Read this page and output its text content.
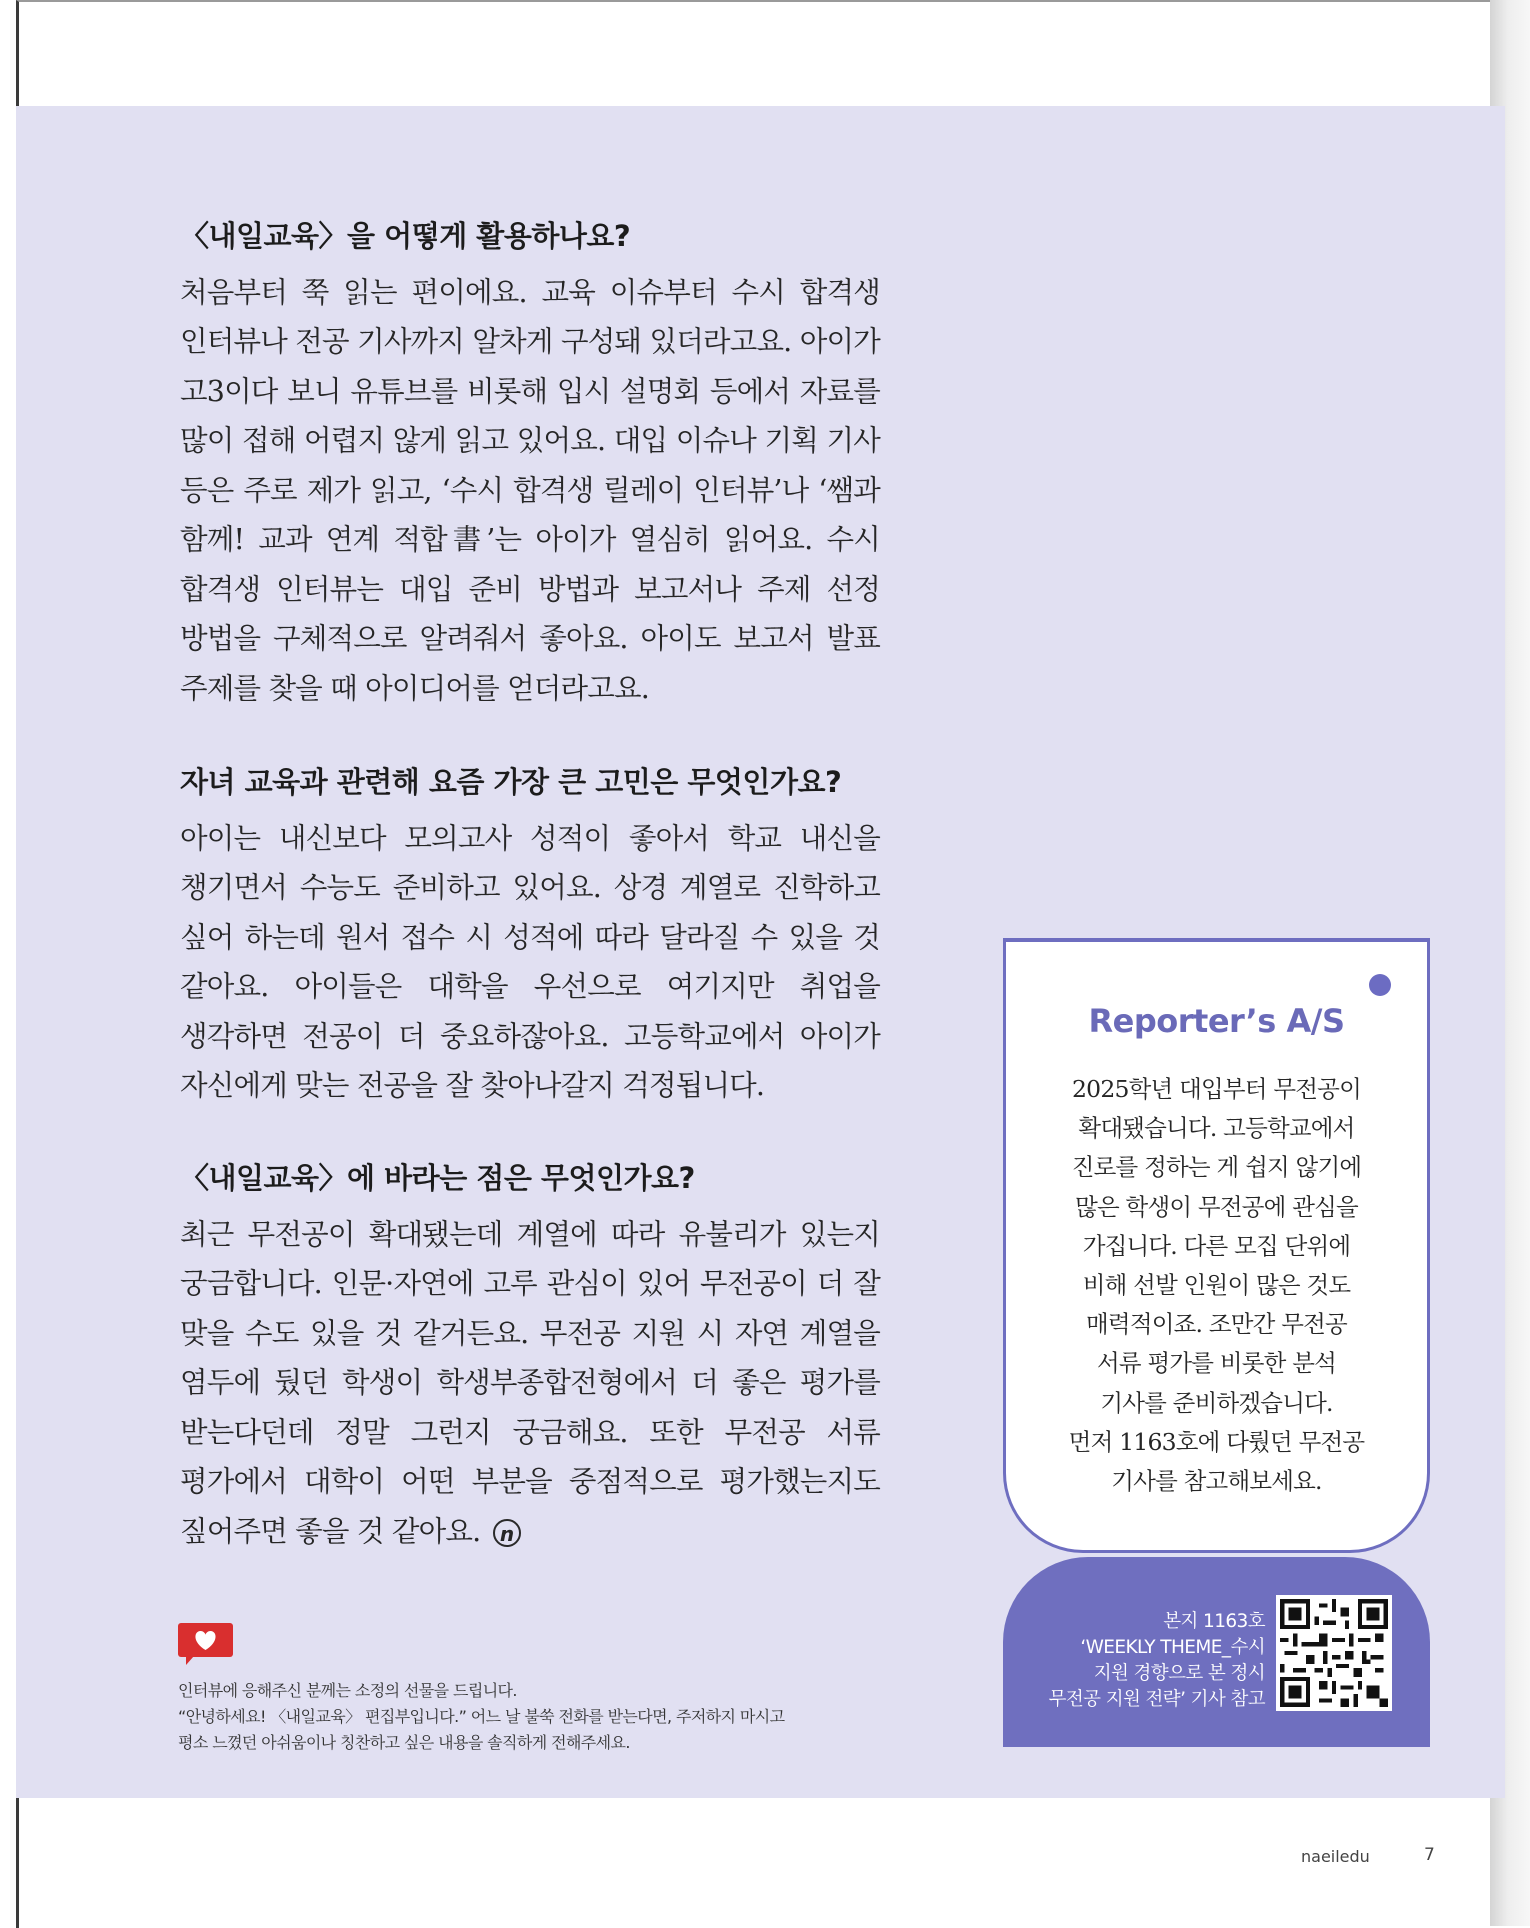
〈내일교육〉을 어떻게 활용하나요?

처음부터 쭉 읽는 편이에요. 교육 이슈부터 수시 합격생 인터뷰나 전공 기사까지 알차게 구성돼 있더라고요. 아이가 고3이다 보니 유튜브를 비롯해 입시 설명회 등에서 자료를 많이 접해 어렵지 않게 읽고 있어요. 대입 이슈나 기획 기사 등은 주로 제가 읽고, ‘수시 합격생 릴레이 인터뷰’나 ‘쌤과 함께! 교과 연계 적합書’는 아이가 열심히 읽어요. 수시 합격생 인터뷰는 대입 준비 방법과 보고서나 주제 선정 방법을 구체적으로 알려줘서 좋아요. 아이도 보고서 발표 주제를 찾을 때 아이디어를 얻더라고요.

자녀 교육과 관련해 요즘 가장 큰 고민은 무엇인가요?

아이는 내신보다 모의고사 성적이 좋아서 학교 내신을 챙기면서 수능도 준비하고 있어요. 상경 계열로 진학하고 싶어 하는데 원서 접수 시 성적에 따라 달라질 수 있을 것 같아요. 아이들은 대학을 우선으로 여기지만 취업을 생각하면 전공이 더 중요하잖아요. 고등학교에서 아이가 자신에게 맞는 전공을 잘 찾아나갈지 걱정됩니다.

〈내일교육〉에 바라는 점은 무엇인가요?

최근 무전공이 확대됐는데 계열에 따라 유불리가 있는지 궁금합니다. 인문·자연에 고루 관심이 있어 무전공이 더 잘 맞을 수도 있을 것 같거든요. 무전공 지원 시 자연 계열을 염두에 뒀던 학생이 학생부종합전형에서 더 좋은 평가를 받는다던데 정말 그런지 궁금해요. 또한 무전공 서류 평가에서 대학이 어떤 부분을 중점적으로 평가했는지도 짚어주면 좋을 것 같아요. n

Reporter’s A/S
2025학년 대입부터 무전공이
확대됐습니다. 고등학교에서
진로를 정하는 게 쉽지 않기에
많은 학생이 무전공에 관심을
가집니다. 다른 모집 단위에
비해 선발 인원이 많은 것도
매력적이죠. 조만간 무전공
서류 평가를 비롯한 분석
기사를 준비하겠습니다.
먼저 1163호에 다뤘던 무전공
기사를 참고해보세요.
본지 1163호
‘WEEKLY THEME_수시
지원 경향으로 본 정시
무전공 지원 전략’ 기사 참고
인터뷰에 응해주신 분께는 소정의 선물을 드립니다.
“안녕하세요! 〈내일교육〉 편집부입니다.” 어느 날 불쑥 전화를 받는다면, 주저하지 마시고
평소 느꼈던 아쉬움이나 칭찬하고 싶은 내용을 솔직하게 전해주세요.
naeiledu	7
